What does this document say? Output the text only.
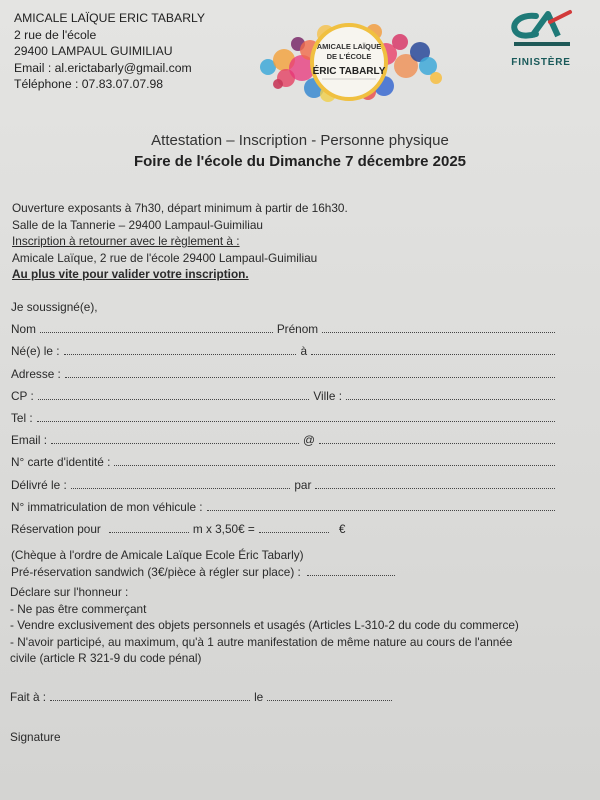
AMICALE LAÏQUE ERIC TABARLY
2 rue de l'école
29400 LAMPAUL GUIMILIAU
Email : al.erictabarly@gmail.com
Téléphone : 07.83.07.07.98
AMICALE LAÏQUE
DE L'ÉCOLE
ÉRIC TABARLY
FINISTÈRE
Attestation – Inscription - Personne physique
Foire de l'école du Dimanche 7 décembre 2025
Ouverture exposants à 7h30, départ minimum à partir de 16h30.
Salle de la Tannerie – 29400 Lampaul-Guimiliau
Inscription à retourner avec le règlement à :
Amicale Laïque, 2 rue de l'école 29400 Lampaul-Guimiliau
Au plus vite pour valider votre inscription.
Je soussigné(e),
Nom	Prénom
Né(e) le :	à
Adresse :
CP :	Ville :
Tel :
Email :	@
N° carte d'identité :
Délivré le :	par
N° immatriculation de mon véhicule :
Réservation pour	m x 3,50€ =	€
(Chèque à l'ordre de Amicale Laïque Ecole Éric Tabarly)
Pré-réservation sandwich (3€/pièce à régler sur place) :
Déclare sur l'honneur :
- Ne pas être commerçant
- Vendre exclusivement des objets personnels et usagés (Articles L-310-2 du code du commerce)
- N'avoir participé, au maximum, qu'à 1 autre manifestation de même nature au cours de l'année
civile (article R 321-9 du code pénal)
Fait à :	le
Signature
